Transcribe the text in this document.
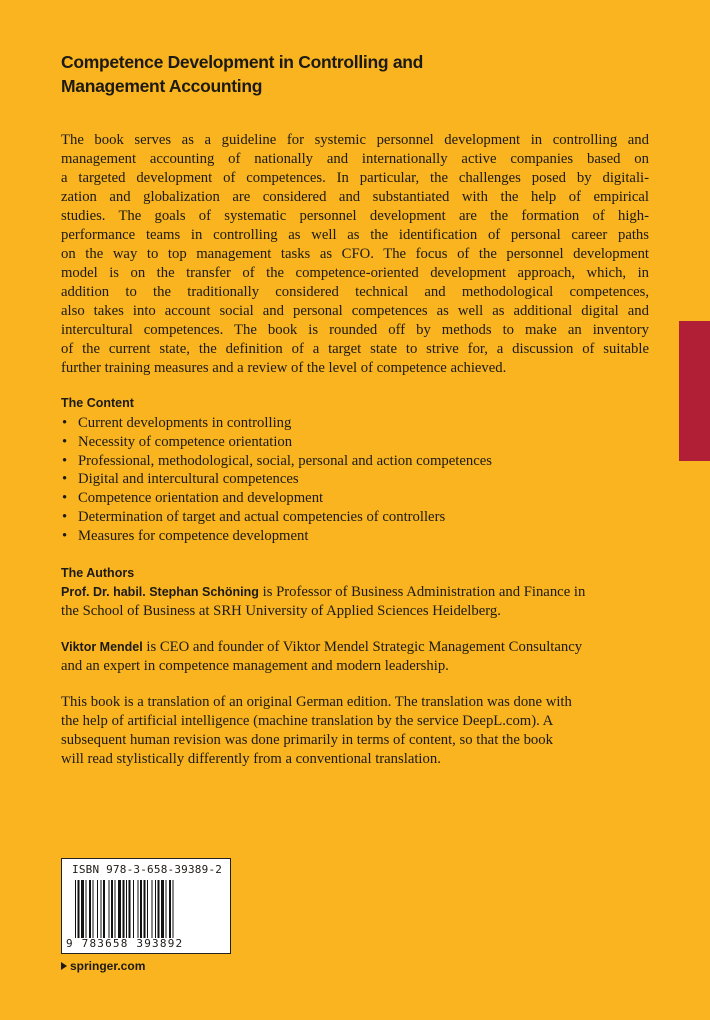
Competence Development in Controlling and
Management Accounting
The book serves as a guideline for systemic personnel development in controlling and
management accounting of nationally and internationally active companies based on
a targeted development of competences. In particular, the challenges posed by digitali-
zation and globalization are considered and substantiated with the help of empirical
studies. The goals of systematic personnel development are the formation of high-
performance teams in controlling as well as the identification of personal career paths
on the way to top management tasks as CFO. The focus of the personnel development
model is on the transfer of the competence-oriented development approach, which, in
addition to the traditionally considered technical and methodological competences,
also takes into account social and personal competences as well as additional digital and
intercultural competences. The book is rounded off by methods to make an inventory
of the current state, the definition of a target state to strive for, a discussion of suitable
further training measures and a review of the level of competence achieved.
The Content
• Current developments in controlling
• Necessity of competence orientation
• Professional, methodological, social, personal and action competences
• Digital and intercultural competences
• Competence orientation and development
• Determination of target and actual competencies of controllers
• Measures for competence development
The Authors
Prof. Dr. habil. Stephan Schöning is Professor of Business Administration and Finance in
the School of Business at SRH University of Applied Sciences Heidelberg.
Viktor Mendel is CEO and founder of Viktor Mendel Strategic Management Consultancy
and an expert in competence management and modern leadership.
This book is a translation of an original German edition. The translation was done with
the help of artificial intelligence (machine translation by the service DeepL.com). A
subsequent human revision was done primarily in terms of content, so that the book
will read stylistically differently from a conventional translation.
ISBN 978-3-658-39389-2
9 783658 393892
springer.com
